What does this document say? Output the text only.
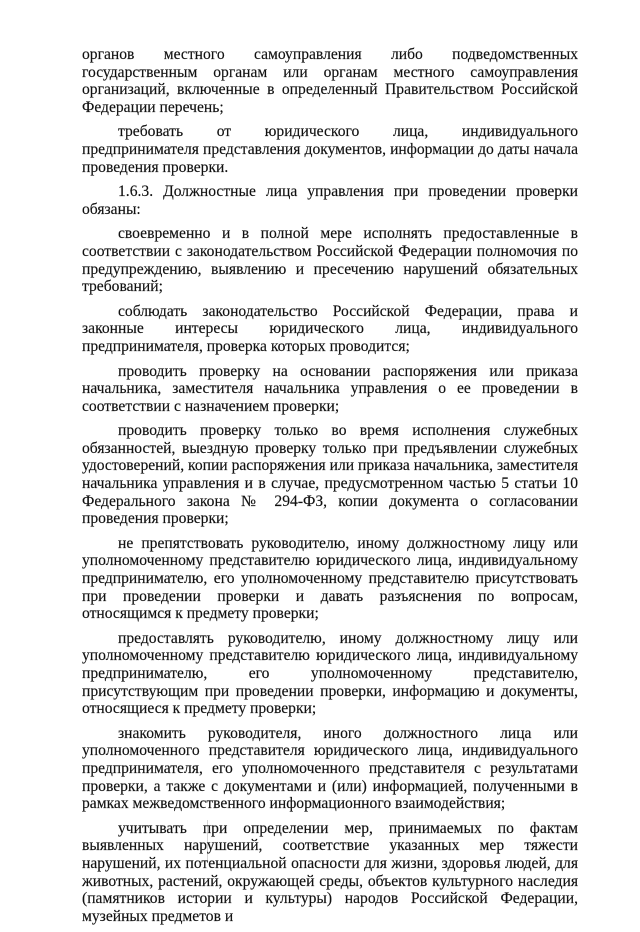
органов местного самоуправления либо подведомственных государственным органам или органам местного самоуправления организаций, включенные в определенный Правительством Российской Федерации перечень;

требовать от юридического лица, индивидуального предпринимателя представления документов, информации до даты начала проведения проверки.

1.6.3. Должностные лица управления при проведении проверки обязаны:

своевременно и в полной мере исполнять предоставленные в соответствии с законодательством Российской Федерации полномочия по предупреждению, выявлению и пресечению нарушений обязательных требований;

соблюдать законодательство Российской Федерации, права и законные интересы юридического лица, индивидуального предпринимателя, проверка которых проводится;

проводить проверку на основании распоряжения или приказа начальника, заместителя начальника управления о ее проведении в соответствии с назначением проверки;

проводить проверку только во время исполнения служебных обязанностей, выездную проверку только при предъявлении служебных удостоверений, копии распоряжения или приказа начальника, заместителя начальника управления и в случае, предусмотренном частью 5 статьи 10 Федерального закона № 294-ФЗ, копии документа о согласовании проведения проверки;

не препятствовать руководителю, иному должностному лицу или уполномоченному представителю юридического лица, индивидуальному предпринимателю, его уполномоченному представителю присутствовать при проведении проверки и давать разъяснения по вопросам, относящимся к предмету проверки;

предоставлять руководителю, иному должностному лицу или уполномоченному представителю юридического лица, индивидуальному предпринимателю, его уполномоченному представителю, присутствующим при проведении проверки, информацию и документы, относящиеся к предмету проверки;

знакомить руководителя, иного должностного лица или уполномоченного представителя юридического лица, индивидуального предпринимателя, его уполномоченного представителя с результатами проверки, а также с документами и (или) информацией, полученными в рамках межведомственного информационного взаимодействия;

учитывать при определении мер, принимаемых по фактам выявленных нарушений, соответствие указанных мер тяжести нарушений, их потенциальной опасности для жизни, здоровья людей, для животных, растений, окружающей среды, объектов культурного наследия (памятников истории и культуры) народов Российской Федерации, музейных предметов и
